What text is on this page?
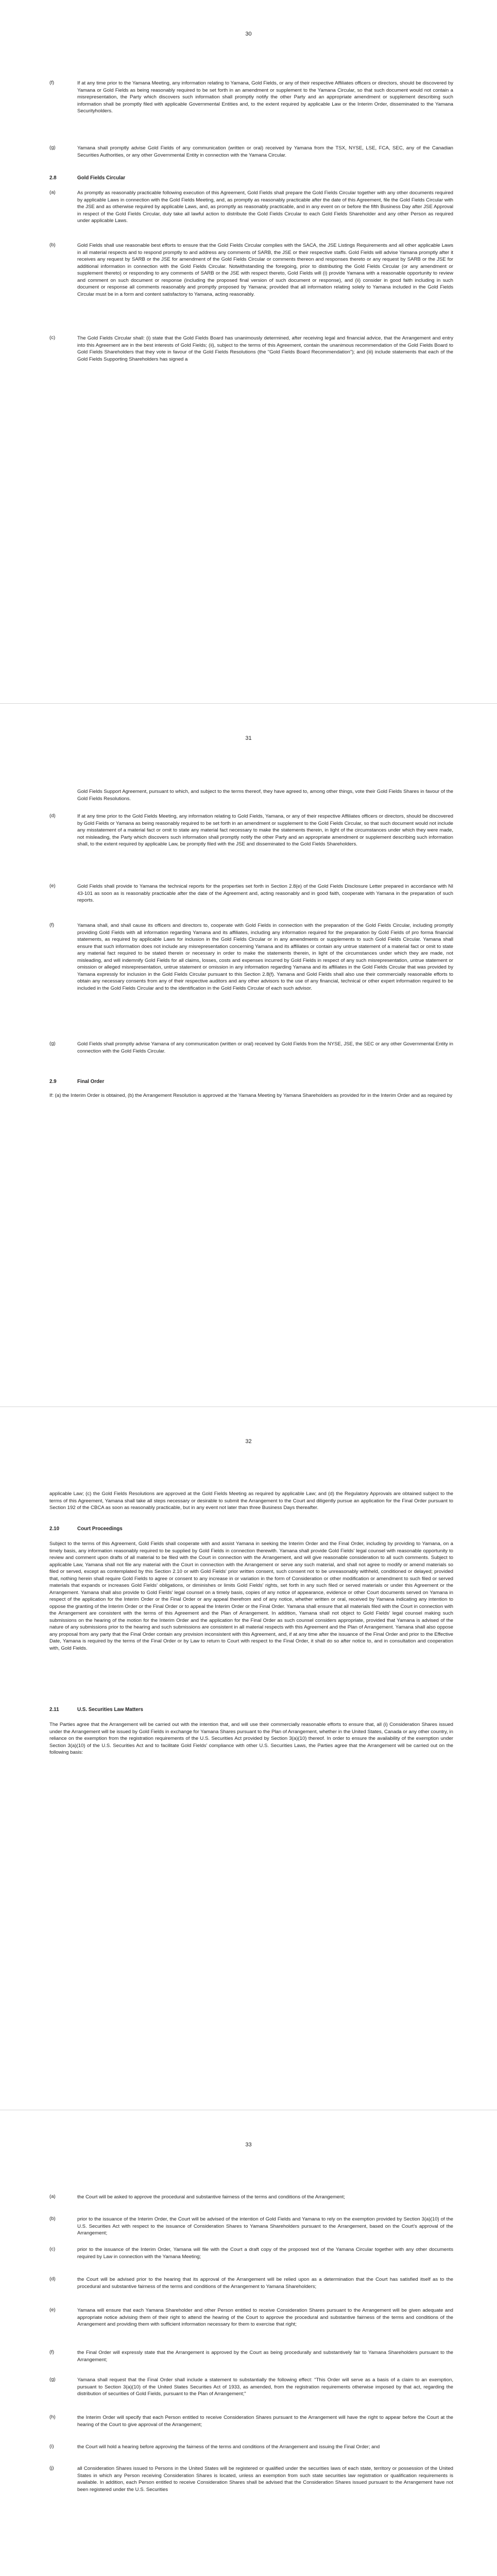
30
(f)	If at any time prior to the Yamana Meeting, any information relating to Yamana, Gold Fields, or any of their respective Affiliates officers or directors, should be discovered by Yamana or Gold Fields as being reasonably required to be set forth in an amendment or supplement to the Yamana Circular, so that such document would not contain a misrepresentation, the Party which discovers such information shall promptly notify the other Party and an appropriate amendment or supplement describing such information shall be promptly filed with applicable Governmental Entities and, to the extent required by applicable Law or the Interim Order, disseminated to the Yamana Securityholders.
(g)	Yamana shall promptly advise Gold Fields of any communication (written or oral) received by Yamana from the TSX, NYSE, LSE, FCA, SEC, any of the Canadian Securities Authorities, or any other Governmental Entity in connection with the Yamana Circular.
2.8	Gold Fields Circular
(a)	As promptly as reasonably practicable following execution of this Agreement, Gold Fields shall prepare the Gold Fields Circular together with any other documents required by applicable Laws in connection with the Gold Fields Meeting, and, as promptly as reasonably practicable after the date of this Agreement, file the Gold Fields Circular with the JSE and as otherwise required by applicable Laws, and, as promptly as reasonably practicable, and in any event on or before the fifth Business Day after JSE Approval in respect of the Gold Fields Circular, duly take all lawful action to distribute the Gold Fields Circular to each Gold Fields Shareholder and any other Person as required under applicable Laws.
(b)	Gold Fields shall use reasonable best efforts to ensure that the Gold Fields Circular complies with the SACA, the JSE Listings Requirements and all other applicable Laws in all material respects and to respond promptly to and address any comments of SARB, the JSE or their respective staffs. Gold Fields will advise Yamana promptly after it receives any request by SARB or the JSE for amendment of the Gold Fields Circular or comments thereon and responses thereto or any request by SARB or the JSE for additional information in connection with the Gold Fields Circular. Notwithstanding the foregoing, prior to distributing the Gold Fields Circular (or any amendment or supplement thereto) or responding to any comments of SARB or the JSE with respect thereto, Gold Fields will (i) provide Yamana with a reasonable opportunity to review and comment on such document or response (including the proposed final version of such document or response), and (ii) consider in good faith including in such document or response all comments reasonably and promptly proposed by Yamana; provided that all information relating solely to Yamana included in the Gold Fields Circular must be in a form and content satisfactory to Yamana, acting reasonably.
(c)	The Gold Fields Circular shall: (i) state that the Gold Fields Board has unanimously determined, after receiving legal and financial advice, that the Arrangement and entry into this Agreement are in the best interests of Gold Fields; (ii), subject to the terms of this Agreement, contain the unanimous recommendation of the Gold Fields Board to Gold Fields Shareholders that they vote in favour of the Gold Fields Resolutions (the "Gold Fields Board Recommendation"); and (iii) include statements that each of the Gold Fields Supporting Shareholders has signed a
31
Gold Fields Support Agreement, pursuant to which, and subject to the terms thereof, they have agreed to, among other things, vote their Gold Fields Shares in favour of the Gold Fields Resolutions.
(d)	If at any time prior to the Gold Fields Meeting, any information relating to Gold Fields, Yamana, or any of their respective Affiliates officers or directors, should be discovered by Gold Fields or Yamana as being reasonably required to be set forth in an amendment or supplement to the Gold Fields Circular, so that such document would not include any misstatement of a material fact or omit to state any material fact necessary to make the statements therein, in light of the circumstances under which they were made, not misleading, the Party which discovers such information shall promptly notify the other Party and an appropriate amendment or supplement describing such information shall, to the extent required by applicable Law, be promptly filed with the JSE and disseminated to the Gold Fields Shareholders.
(e)	Gold Fields shall provide to Yamana the technical reports for the properties set forth in Section 2.8(e) of the Gold Fields Disclosure Letter prepared in accordance with NI 43-101 as soon as is reasonably practicable after the date of the Agreement and, acting reasonably and in good faith, cooperate with Yamana in the preparation of such reports.
(f)	Yamana shall, and shall cause its officers and directors to, cooperate with Gold Fields in connection with the preparation of the Gold Fields Circular, including promptly providing Gold Fields with all information regarding Yamana and its affiliates, including any information required for the preparation by Gold Fields of pro forma financial statements, as required by applicable Laws for inclusion in the Gold Fields Circular or in any amendments or supplements to such Gold Fields Circular. Yamana shall ensure that such information does not include any misrepresentation concerning Yamana and its affiliates or contain any untrue statement of a material fact or omit to state any material fact required to be stated therein or necessary in order to make the statements therein, in light of the circumstances under which they are made, not misleading, and will indemnify Gold Fields for all claims, losses, costs and expenses incurred by Gold Fields in respect of any such misrepresentation, untrue statement or omission or alleged misrepresentation, untrue statement or omission in any information regarding Yamana and its affiliates in the Gold Fields Circular that was provided by Yamana expressly for inclusion in the Gold Fields Circular pursuant to this Section 2.8(f). Yamana and Gold Fields shall also use their commercially reasonable efforts to obtain any necessary consents from any of their respective auditors and any other advisors to the use of any financial, technical or other expert information required to be included in the Gold Fields Circular and to the identification in the Gold Fields Circular of each such advisor.
(g)	Gold Fields shall promptly advise Yamana of any communication (written or oral) received by Gold Fields from the NYSE, JSE, the SEC or any other Governmental Entity in connection with the Gold Fields Circular.
2.9	Final Order
If: (a) the Interim Order is obtained, (b) the Arrangement Resolution is approved at the Yamana Meeting by Yamana Shareholders as provided for in the Interim Order and as required by
32
applicable Law; (c) the Gold Fields Resolutions are approved at the Gold Fields Meeting as required by applicable Law; and (d) the Regulatory Approvals are obtained subject to the terms of this Agreement, Yamana shall take all steps necessary or desirable to submit the Arrangement to the Court and diligently pursue an application for the Final Order pursuant to Section 192 of the CBCA as soon as reasonably practicable, but in any event not later than three Business Days thereafter.
2.10	Court Proceedings
Subject to the terms of this Agreement, Gold Fields shall cooperate with and assist Yamana in seeking the Interim Order and the Final Order, including by providing to Yamana, on a timely basis, any information reasonably required to be supplied by Gold Fields in connection therewith. Yamana shall provide Gold Fields' legal counsel with reasonable opportunity to review and comment upon drafts of all material to be filed with the Court in connection with the Arrangement, and will give reasonable consideration to all such comments. Subject to applicable Law, Yamana shall not file any material with the Court in connection with the Arrangement or serve any such material, and shall not agree to modify or amend materials so filed or served, except as contemplated by this Section 2.10 or with Gold Fields' prior written consent, such consent not to be unreasonably withheld, conditioned or delayed; provided that, nothing herein shall require Gold Fields to agree or consent to any increase in or variation in the form of Consideration or other modification or amendment to such filed or served materials that expands or increases Gold Fields' obligations, or diminishes or limits Gold Fields' rights, set forth in any such filed or served materials or under this Agreement or the Arrangement. Yamana shall also provide to Gold Fields' legal counsel on a timely basis, copies of any notice of appearance, evidence or other Court documents served on Yamana in respect of the application for the Interim Order or the Final Order or any appeal therefrom and of any notice, whether written or oral, received by Yamana indicating any intention to oppose the granting of the Interim Order or the Final Order or to appeal the Interim Order or the Final Order. Yamana shall ensure that all materials filed with the Court in connection with the Arrangement are consistent with the terms of this Agreement and the Plan of Arrangement. In addition, Yamana shall not object to Gold Fields' legal counsel making such submissions on the hearing of the motion for the Interim Order and the application for the Final Order as such counsel considers appropriate, provided that Yamana is advised of the nature of any submissions prior to the hearing and such submissions are consistent in all material respects with this Agreement and the Plan of Arrangement. Yamana shall also oppose any proposal from any party that the Final Order contain any provision inconsistent with this Agreement, and, if at any time after the issuance of the Final Order and prior to the Effective Date, Yamana is required by the terms of the Final Order or by Law to return to Court with respect to the Final Order, it shall do so after notice to, and in consultation and cooperation with, Gold Fields.
2.11	U.S. Securities Law Matters
The Parties agree that the Arrangement will be carried out with the intention that, and will use their commercially reasonable efforts to ensure that, all (i) Consideration Shares issued under the Arrangement will be issued by Gold Fields in exchange for Yamana Shares pursuant to the Plan of Arrangement, whether in the United States, Canada or any other country, in reliance on the exemption from the registration requirements of the U.S. Securities Act provided by Section 3(a)(10) thereof. In order to ensure the availability of the exemption under Section 3(a)(10) of the U.S. Securities Act and to facilitate Gold Fields' compliance with other U.S. Securities Laws, the Parties agree that the Arrangement will be carried out on the following basis:
33
(a)	the Court will be asked to approve the procedural and substantive fairness of the terms and conditions of the Arrangement;
(b)	prior to the issuance of the Interim Order, the Court will be advised of the intention of Gold Fields and Yamana to rely on the exemption provided by Section 3(a)(10) of the U.S. Securities Act with respect to the issuance of Consideration Shares to Yamana Shareholders pursuant to the Arrangement, based on the Court's approval of the Arrangement;
(c)	prior to the issuance of the Interim Order, Yamana will file with the Court a draft copy of the proposed text of the Yamana Circular together with any other documents required by Law in connection with the Yamana Meeting;
(d)	the Court will be advised prior to the hearing that its approval of the Arrangement will be relied upon as a determination that the Court has satisfied itself as to the procedural and substantive fairness of the terms and conditions of the Arrangement to Yamana Shareholders;
(e)	Yamana will ensure that each Yamana Shareholder and other Person entitled to receive Consideration Shares pursuant to the Arrangement will be given adequate and appropriate notice advising them of their right to attend the hearing of the Court to approve the procedural and substantive fairness of the terms and conditions of the Arrangement and providing them with sufficient information necessary for them to exercise that right;
(f)	the Final Order will expressly state that the Arrangement is approved by the Court as being procedurally and substantively fair to Yamana Shareholders pursuant to the Arrangement;
(g)	Yamana shall request that the Final Order shall include a statement to substantially the following effect: "This Order will serve as a basis of a claim to an exemption, pursuant to Section 3(a)(10) of the United States Securities Act of 1933, as amended, from the registration requirements otherwise imposed by that act, regarding the distribution of securities of Gold Fields, pursuant to the Plan of Arrangement;"
(h)	the Interim Order will specify that each Person entitled to receive Consideration Shares pursuant to the Arrangement will have the right to appear before the Court at the hearing of the Court to give approval of the Arrangement;
(i)	the Court will hold a hearing before approving the fairness of the terms and conditions of the Arrangement and issuing the Final Order; and
(j)	all Consideration Shares issued to Persons in the United States will be registered or qualified under the securities laws of each state, territory or possession of the United States in which any Person receiving Consideration Shares is located, unless an exemption from such state securities law registration or qualification requirements is available. In addition, each Person entitled to receive Consideration Shares shall be advised that the Consideration Shares issued pursuant to the Arrangement have not been registered under the U.S. Securities
